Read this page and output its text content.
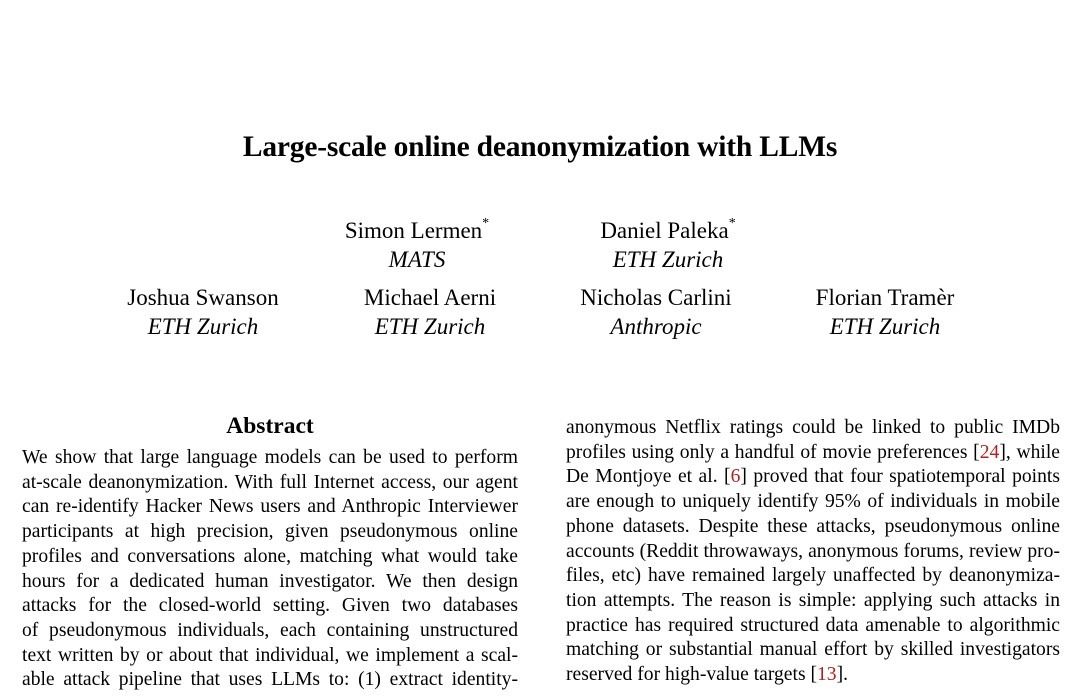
Large-scale online deanonymization with LLMs
Simon Lermen*
MATS
Daniel Paleka*
ETH Zurich
Joshua Swanson
ETH Zurich
Michael Aerni
ETH Zurich
Nicholas Carlini
Anthropic
Florian Tramèr
ETH Zurich
Abstract
We show that large language models can be used to perform
at-scale deanonymization. With full Internet access, our agent
can re-identify Hacker News users and Anthropic Interviewer
participants at high precision, given pseudonymous online
profiles and conversations alone, matching what would take
hours for a dedicated human investigator. We then design
attacks for the closed-world setting. Given two databases
of pseudonymous individuals, each containing unstructured
text written by or about that individual, we implement a scal-
able attack pipeline that uses LLMs to: (1) extract identity-
anonymous Netflix ratings could be linked to public IMDb
profiles using only a handful of movie preferences [24], while
De Montjoye et al. [6] proved that four spatiotemporal points
are enough to uniquely identify 95% of individuals in mobile
phone datasets. Despite these attacks, pseudonymous online
accounts (Reddit throwaways, anonymous forums, review pro-
files, etc) have remained largely unaffected by deanonymiza-
tion attempts. The reason is simple: applying such attacks in
practice has required structured data amenable to algorithmic
matching or substantial manual effort by skilled investigators
reserved for high-value targets [13].
